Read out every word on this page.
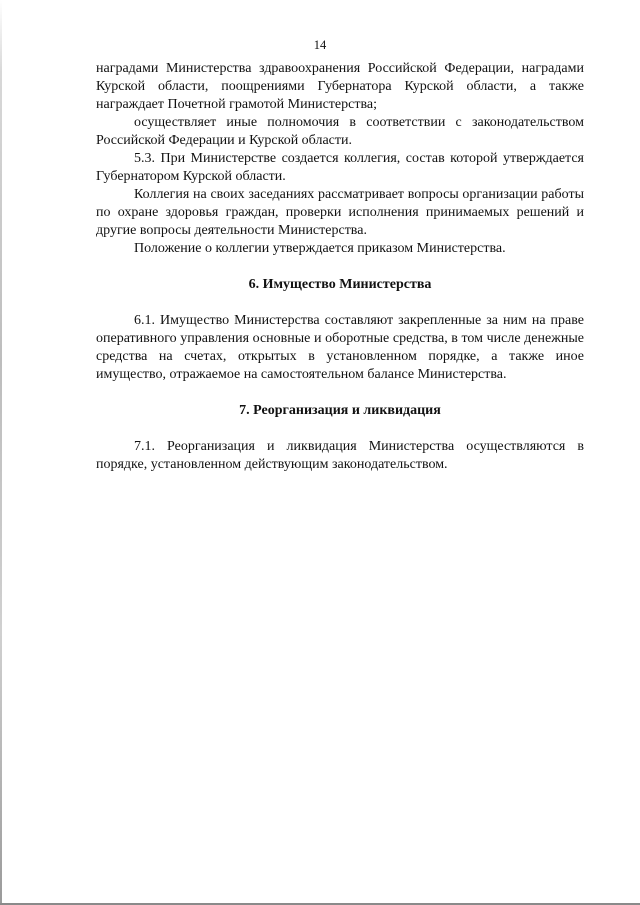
14

наградами Министерства здравоохранения Российской Федерации, наградами Курской области, поощрениями Губернатора Курской области, а также награждает Почетной грамотой Министерства;

осуществляет иные полномочия в соответствии с законодательством Российской Федерации и Курской области.

5.3. При Министерстве создается коллегия, состав которой утверждается Губернатором Курской области.

Коллегия на своих заседаниях рассматривает вопросы организации работы по охране здоровья граждан, проверки исполнения принимаемых решений и другие вопросы деятельности Министерства.

Положение о коллегии утверждается приказом Министерства.

6. Имущество Министерства

6.1. Имущество Министерства составляют закрепленные за ним на праве оперативного управления основные и оборотные средства, в том числе денежные средства на счетах, открытых в установленном порядке, а также иное имущество, отражаемое на самостоятельном балансе Министерства.

7. Реорганизация и ликвидация

7.1. Реорганизация и ликвидация Министерства осуществляются в порядке, установленном действующим законодательством.
